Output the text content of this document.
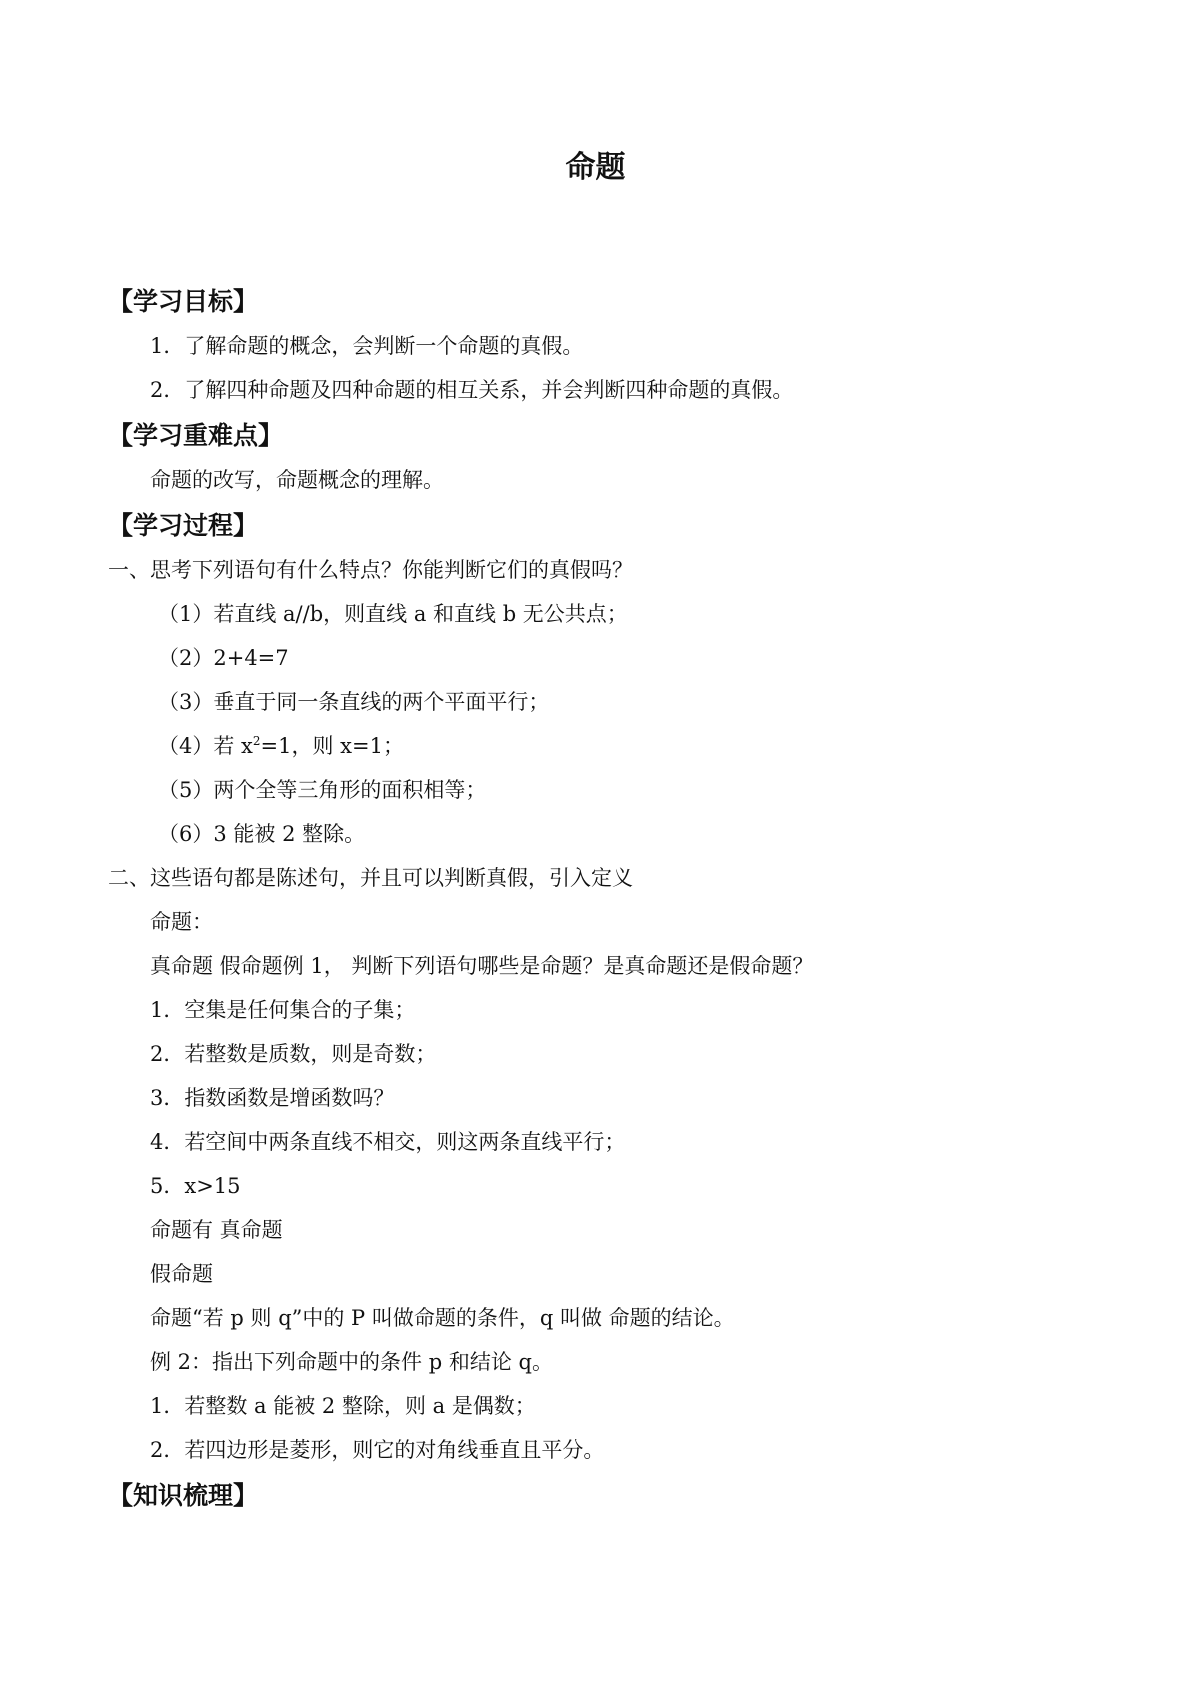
命题
【学习目标】
1．了解命题的概念，会判断一个命题的真假。
2．了解四种命题及四种命题的相互关系，并会判断四种命题的真假。
【学习重难点】
命题的改写，命题概念的理解。
【学习过程】
一、思考下列语句有什么特点？你能判断它们的真假吗？
（1）若直线 a//b，则直线 a 和直线 b 无公共点；
（2）2+4=7
（3）垂直于同一条直线的两个平面平行；
（4）若 $x^2=1$，则 x=1；
（5）两个全等三角形的面积相等；
（6）3 能被 2 整除。
二、这些语句都是陈述句，并且可以判断真假，引入定义
命题：
真命题 假命题例 1， 判断下列语句哪些是命题？是真命题还是假命题？
1．空集是任何集合的子集；
2．若整数是质数，则是奇数；
3．指数函数是增函数吗？
4．若空间中两条直线不相交，则这两条直线平行；
5．x>15
命题有 真命题
假命题
命题“若 p 则 q”中的 P 叫做命题的条件，q 叫做 命题的结论。
例 2：指出下列命题中的条件 p 和结论 q。
1．若整数 a 能被 2 整除，则 a 是偶数；
2．若四边形是菱形，则它的对角线垂直且平分。
【知识梳理】
